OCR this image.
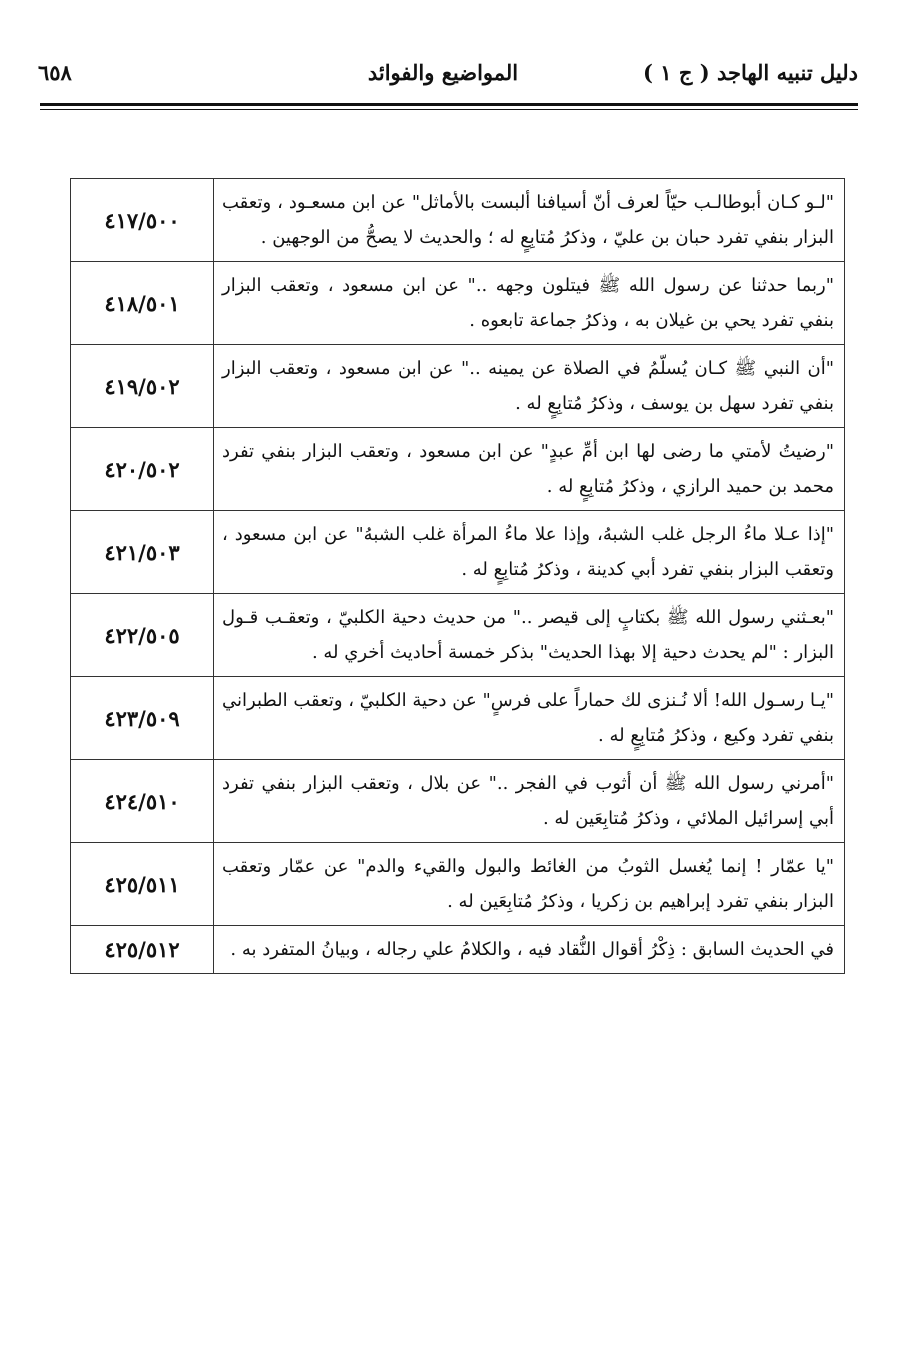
دليل تنبيه الهاجد ( ج ١ )
المواضيع والفوائد
٦٥٨
"لـو كـان أبوطالـب حيّاً لعرف أنّ أسيافنا ألبست بالأماثل" عن ابن مسعـود ، وتعقب البزار بنفي تفرد حبان بن عليّ ، وذكرُ مُتابِعٍ له ؛ والحديث لا يصحُّ من الوجهين .	٤١٧/٥٠٠
"ربما حدثنا عن رسول الله ﷺ فيتلون وجهه .." عن ابن مسعود ، وتعقب البزار بنفي تفرد يحي بن غيلان به ، وذكرُ جماعة تابعوه .	٤١٨/٥٠١
"أن النبي ﷺ كـان يُسلّمُ في الصلاة عن يمينه .." عن ابن مسعود ، وتعقب البزار بنفي تفرد سهل بن يوسف ، وذكرُ مُتابِعٍ له .	٤١٩/٥٠٢
"رضيتُ لأمتي ما رضى لها ابن أمِّ عبدٍ" عن ابن مسعود ، وتعقب البزار بنفي تفرد محمد بن حميد الرازي ، وذكرُ مُتابِعٍ له .	٤٢٠/٥٠٢
"إذا عـلا ماءُ الرجل غلب الشبهُ، وإذا علا ماءُ المرأة غلب الشبهُ" عن ابن مسعود ، وتعقب البزار بنفي تفرد أبي كدينة ، وذكرُ مُتابِعٍ له .	٤٢١/٥٠٣
"بعـثني رسول الله ﷺ بكتابٍ إلى قيصر .." من حديث دحية الكلبيّ ، وتعقـب قـول البزار : "لم يحدث دحية إلا بهذا الحديث" بذكر خمسة أحاديث أخري له .	٤٢٢/٥٠٥
"يـا رسـول الله! ألا نُـنزى لك حماراً على فرسٍ" عن دحية الكلبيّ ، وتعقب الطبراني بنفي تفرد وكيع ، وذكرُ مُتابِعٍ له .	٤٢٣/٥٠٩
"أمرني رسول الله ﷺ أن أثوب في الفجر .." عن بلال ، وتعقب البزار بنفي تفرد أبي إسرائيل الملائي ، وذكرُ مُتابِعَين له .	٤٢٤/٥١٠
"يا عمّار ! إنما يُغسل الثوبُ من الغائط والبول والقيء والدم" عن عمّار وتعقب البزار بنفي تفرد إبراهيم بن زكريا ، وذكرُ مُتابِعَين له .	٤٢٥/٥١١
في الحديث السابق : ذِكْرُ أقوال النُّقاد فيه ، والكلامُ علي رجاله ، وبيانُ المتفرد به .	٤٢٥/٥١٢
